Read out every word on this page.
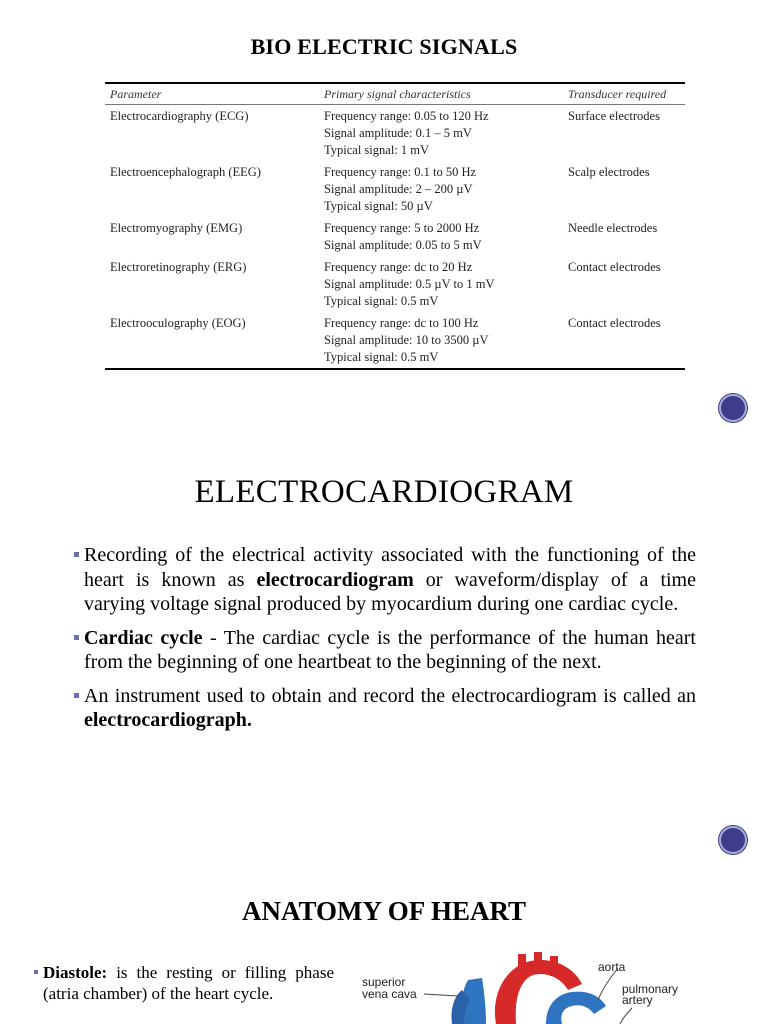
BIO ELECTRIC SIGNALS
Parameter	Primary signal characteristics	Transducer required
Electrocardiography (ECG)	Frequency range: 0.05 to 120 Hz
Signal amplitude: 0.1 – 5 mV
Typical signal: 1 mV	Surface electrodes
Electroencephalograph (EEG)	Frequency range: 0.1 to 50 Hz
Signal amplitude: 2 – 200 µV
Typical signal: 50 µV	Scalp electrodes
Electromyography (EMG)	Frequency range: 5 to 2000 Hz
Signal amplitude: 0.05 to 5 mV	Needle electrodes
Electroretinography (ERG)	Frequency range: dc to 20 Hz
Signal amplitude: 0.5 µV to 1 mV
Typical signal: 0.5 mV	Contact electrodes
Electrooculography (EOG)	Frequency range: dc to 100 Hz
Signal amplitude: 10 to 3500 µV
Typical signal: 0.5 mV	Contact electrodes
ELECTROCARDIOGRAM
Recording of the electrical activity associated with the functioning of the heart is known as electrocardiogram or waveform/display of a time varying voltage signal produced by myocardium during one cardiac cycle.
Cardiac cycle - The cardiac cycle is the performance of the human heart from the beginning of one heartbeat to the beginning of the next.
An instrument used to obtain and record the electrocardiogram is called an electrocardiograph.
ANATOMY OF HEART
Diastole: is the resting or filling phase (atria chamber) of the heart cycle.
superior
vena cava
aorta
pulmonary
artery
